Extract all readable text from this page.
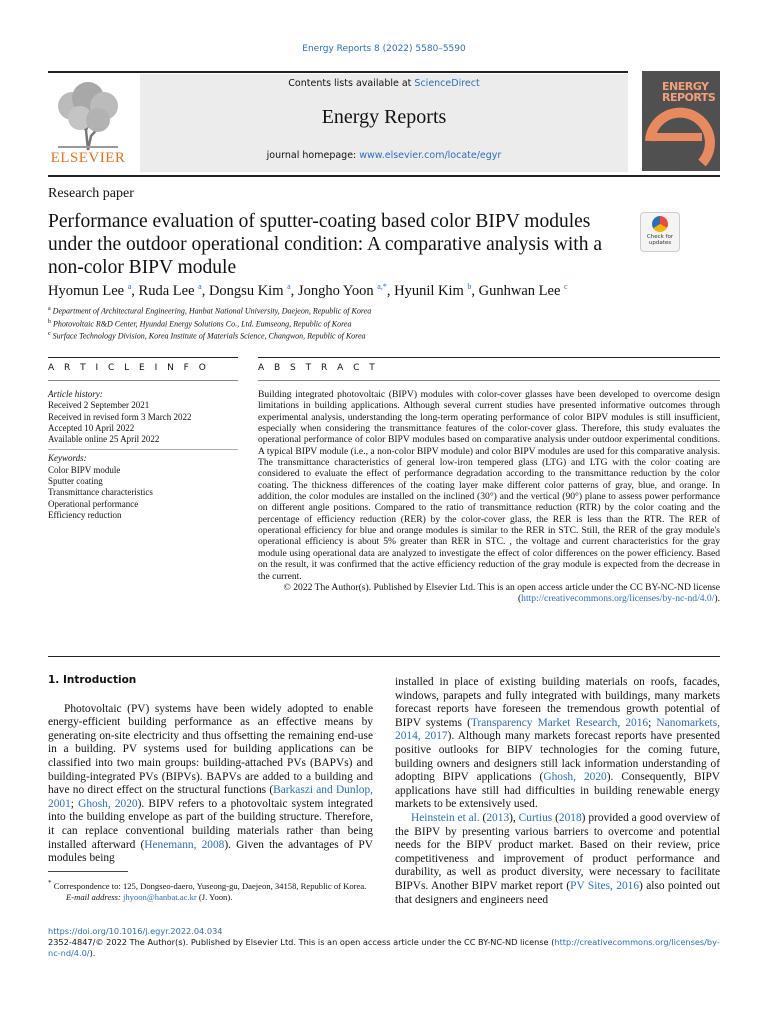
Energy Reports 8 (2022) 5580–5590
ELSEVIER
Contents lists available at ScienceDirect
Energy Reports
journal homepage: www.elsevier.com/locate/egyr
ENERGY
REPORTS
Research paper
Performance evaluation of sputter-coating based color BIPV modules under the outdoor operational condition: A comparative analysis with a non-color BIPV module
Check for updates
Hyomun Lee $^a$, Ruda Lee $^a$, Dongsu Kim $^a$, Jongho Yoon $^{a,*}$, Hyunil Kim $^b$, Gunhwan Lee $^c$
$^a$ Department of Architectural Engineering, Hanbat National University, Daejeon, Republic of Korea
$^b$ Photovoltaic R&D Center, Hyundai Energy Solutions Co., Ltd. Eumseong, Republic of Korea
$^c$ Surface Technology Division, Korea Institute of Materials Science, Changwon, Republic of Korea
A R T I C L E I N F O	A B S T R A C T
Article history:
Received 2 September 2021
Received in revised form 3 March 2022
Accepted 10 April 2022
Available online 25 April 2022
Keywords:
Color BIPV module
Sputter coating
Transmittance characteristics
Operational performance
Efficiency reduction
Building integrated photovoltaic (BIPV) modules with color-cover glasses have been developed to overcome design limitations in building applications. Although several current studies have presented informative outcomes through experimental analysis, understanding the long-term operating performance of color BIPV modules is still insufficient, especially when considering the transmittance features of the color-cover glass. Therefore, this study evaluates the operational performance of color BIPV modules based on comparative analysis under outdoor experimental conditions. A typical BIPV module (i.e., a non-color BIPV module) and color BIPV modules are used for this comparative analysis. The transmittance characteristics of general low-iron tempered glass (LTG) and LTG with the color coating are considered to evaluate the effect of performance degradation according to the transmittance reduction by the color coating. The thickness differences of the coating layer make different color patterns of gray, blue, and orange. In addition, the color modules are installed on the inclined (30°) and the vertical (90°) plane to assess power performance on different angle positions. Compared to the ratio of transmittance reduction (RTR) by the color coating and the percentage of efficiency reduction (RER) by the color-cover glass, the RER is less than the RTR. The RER of operational efficiency for blue and orange modules is similar to the RER in STC. Still, the RER of the gray module's operational efficiency is about 5% greater than RER in STC. , the voltage and current characteristics for the gray module using operational data are analyzed to investigate the effect of color differences on the power efficiency. Based on the result, it was confirmed that the active efficiency reduction of the gray module is expected from the decrease in the current.
© 2022 The Author(s). Published by Elsevier Ltd. This is an open access article under the CC BY-NC-ND license (http://creativecommons.org/licenses/by-nc-nd/4.0/).
1. Introduction

Photovoltaic (PV) systems have been widely adopted to enable energy-efficient building performance as an effective means by generating on-site electricity and thus offsetting the remaining end-use in a building. PV systems used for building applications can be classified into two main groups: building-attached PVs (BAPVs) and building-integrated PVs (BIPVs). BAPVs are added to a building and have no direct effect on the structural functions (Barkaszi and Dunlop, 2001; Ghosh, 2020). BIPV refers to a photovoltaic system integrated into the building envelope as part of the building structure. Therefore, it can replace conventional building materials rather than being installed afterward (Henemann, 2008). Given the advantages of PV modules being

* Correspondence to: 125, Dongseo-daero, Yuseong-gu, Daejeon, 34158, Republic of Korea.
E-mail address: jhyoon@hanbat.ac.kr (J. Yoon).
installed in place of existing building materials on roofs, facades, windows, parapets and fully integrated with buildings, many markets forecast reports have foreseen the tremendous growth potential of BIPV systems (Transparency Market Research, 2016; Nanomarkets, 2014, 2017). Although many markets forecast reports have presented positive outlooks for BIPV technologies for the coming future, building owners and designers still lack information understanding of adopting BIPV applications (Ghosh, 2020). Consequently, BIPV applications have still had difficulties in building renewable energy markets to be extensively used.

Heinstein et al. (2013), Curtius (2018) provided a good overview of the BIPV by presenting various barriers to overcome and potential needs for the BIPV product market. Based on their review, price competitiveness and improvement of product performance and durability, as well as product diversity, were necessary to facilitate BIPVs. Another BIPV market report (PV Sites, 2016) also pointed out that designers and engineers need

https://doi.org/10.1016/j.egyr.2022.04.034
2352-4847/© 2022 The Author(s). Published by Elsevier Ltd. This is an open access article under the CC BY-NC-ND license (http://creativecommons.org/licenses/by-nc-nd/4.0/).
